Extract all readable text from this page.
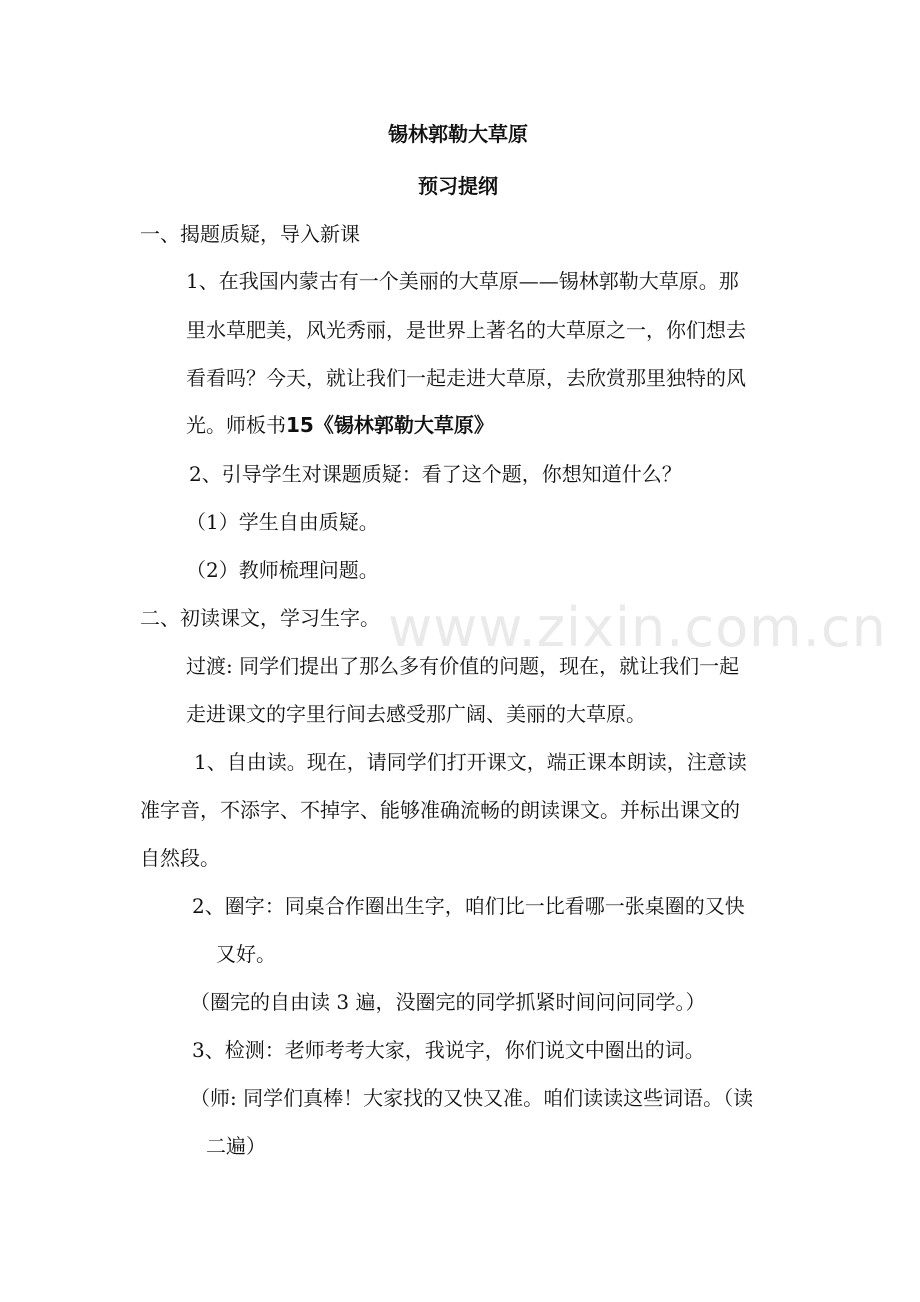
锡林郭勒大草原
预习提纲
一、揭题质疑，导入新课
1、在我国内蒙古有一个美丽的大草原——锡林郭勒大草原。那
里水草肥美，风光秀丽，是世界上著名的大草原之一，你们想去
看看吗？今天，就让我们一起走进大草原，去欣赏那里独特的风
光。师板书15《锡林郭勒大草原》
2、引导学生对课题质疑：看了这个题，你想知道什么？
（1）学生自由质疑。
（2）教师梳理问题。
二、初读课文，学习生字。
过渡: 同学们提出了那么多有价值的问题，现在，就让我们一起
走进课文的字里行间去感受那广阔、美丽的大草原。
1、自由读。现在，请同学们打开课文，端正课本朗读，注意读
准字音，不添字、不掉字、能够准确流畅的朗读课文。并标出课文的
自然段。
2、圈字：同桌合作圈出生字，咱们比一比看哪一张桌圈的又快
又好。
（圈完的自由读 3 遍，没圈完的同学抓紧时间问问同学。）
3、检测：老师考考大家，我说字，你们说文中圈出的词。
（师: 同学们真棒！大家找的又快又准。咱们读读这些词语。（读
二遍）
www.zixin.com.cn
